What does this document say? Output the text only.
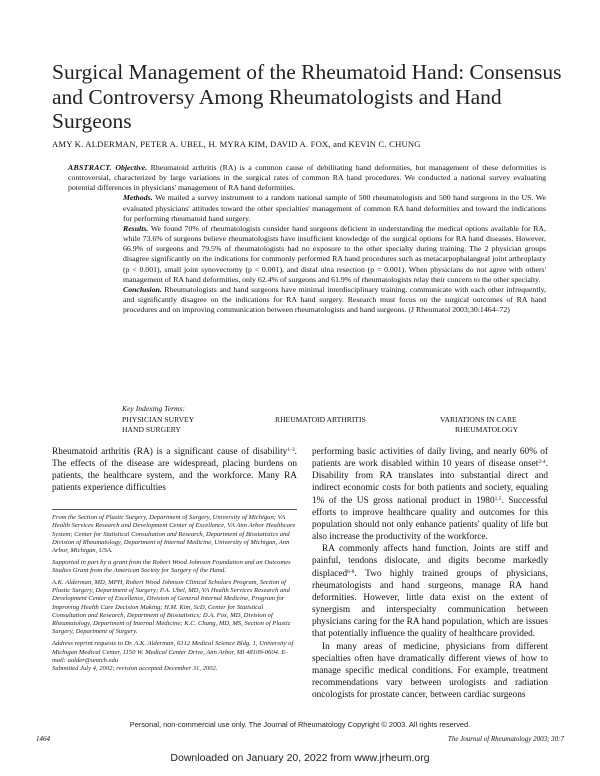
Surgical Management of the Rheumatoid Hand: Consensus and Controversy Among Rheumatologists and Hand Surgeons
AMY K. ALDERMAN, PETER A. UBEL, H. MYRA KIM, DAVID A. FOX, and KEVIN C. CHUNG

ABSTRACT. Objective. Rheumatoid arthritis (RA) is a common cause of debilitating hand deformities, but management of these deformities is controversial, characterized by large variations in the surgical rates of common RA hand procedures. We conducted a national survey evaluating potential differences in physicians' management of RA hand deformities.

Methods. We mailed a survey instrument to a random national sample of 500 rheumatologists and 500 hand surgeons in the US. We evaluated physicians' attitudes toward the other specialties' management of common RA hand deformities and toward the indications for performing rheumatoid hand surgery.

Results. We found 70% of rheumatologists consider hand surgeons deficient in understanding the medical options available for RA, while 73.6% of surgeons believe rheumatologists have insufficient knowledge of the surgical options for RA hand diseases. However, 66.9% of surgeons and 79.5% of rheumatologists had no exposure to the other specialty during training. The 2 physician groups disagree significantly on the indications for commonly performed RA hand procedures such as metacarpophalangeal joint arthroplasty (p < 0.001), small joint synovectomy (p < 0.001), and distal ulna resection (p = 0.001). When physicians do not agree with others' management of RA hand deformities, only 62.4% of surgeons and 61.9% of rheumatologists relay their concern to the other specialty.

Conclusion. Rheumatologists and hand surgeons have minimal interdisciplinary training, communicate with each other infrequently, and significantly disagree on the indications for RA hand surgery. Research must focus on the surgical outcomes of RA hand procedures and on improving communication between rheumatologists and hand surgeons. (J Rheumatol 2003;30:1464–72)

Key Indexing Terms:
PHYSICIAN SURVEY
HAND SURGERY
RHEUMATOID ARTHRITIS	VARIATIONS IN CARE
RHEUMATOLOGY

Rheumatoid arthritis (RA) is a significant cause of disability$^{1-3}$. The effects of the disease are widespread, placing burdens on patients, the healthcare system, and the workforce. Many RA patients experience difficulties

From the Section of Plastic Surgery, Department of Surgery, University of Michigan; VA Health Services Research and Development Center of Excellence, VA Ann Arbor Healthcare System; Center for Statistical Consultation and Research, Department of Biostatistics and Division of Rheumatology, Department of Internal Medicine, University of Michigan, Ann Arbor, Michigan, USA.

Supported in part by a grant from the Robert Wood Johnson Foundation and an Outcomes Studies Grant from the American Society for Surgery of the Hand.

A.K. Alderman, MD, MPH, Robert Wood Johnson Clinical Scholars Program, Section of Plastic Surgery, Department of Surgery; P.A. Ubel, MD, VA Health Services Research and Development Center of Excellence, Division of General Internal Medicine, Program for Improving Health Care Decision Making; H.M. Kim, ScD, Center for Statistical Consultation and Research, Department of Biostatistics; D.A. Fox, MD, Division of Rheumatology, Department of Internal Medicine; K.C. Chung, MD, MS, Section of Plastic Surgery, Department of Surgery.

Address reprint requests to Dr. A.K. Alderman, 6312 Medical Science Bldg. 1, University of Michigan Medical Center, 1150 W. Medical Center Drive, Ann Arbor, MI 48109-0604. E-mail: aalder@umich.edu

Submitted July 4, 2002; revision accepted December 31, 2002.

performing basic activities of daily living, and nearly 60% of patients are work disabled within 10 years of disease onset$^{2-4}$. Disability from RA translates into substantial direct and indirect economic costs for both patients and society, equaling 1% of the US gross national product in 1980$^{1,5}$. Successful efforts to improve healthcare quality and outcomes for this population should not only enhance patients' quality of life but also increase the productivity of the workforce.

RA commonly affects hand function. Joints are stiff and painful, tendons dislocate, and digits become markedly displaced$^{6-8}$. Two highly trained groups of physicians, rheumatologists and hand surgeons, manage RA hand deformities. However, little data exist on the extent of synergism and interspecialty communication between physicians caring for the RA hand population, which are issues that potentially influence the quality of healthcare provided.

In many areas of medicine, physicians from different specialties often have dramatically different views of how to manage specific medical conditions. For example, treatment recommendations vary between urologists and radiation oncologists for prostate cancer, between cardiac surgeons

Personal, non-commercial use only. The Journal of Rheumatology Copyright © 2003. All rights reserved.
1464	The Journal of Rheumatology 2003; 30:7
Downloaded on January 20, 2022 from www.jrheum.org
